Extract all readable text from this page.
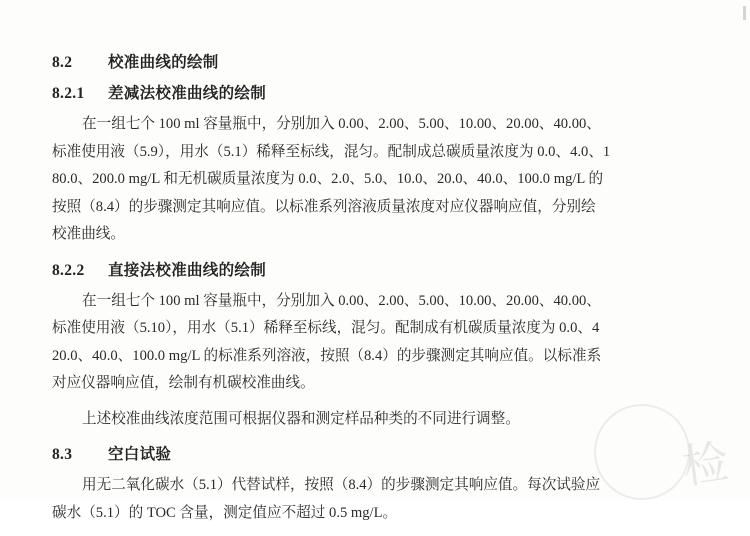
8.2 校准曲线的绘制
8.2.1 差减法校准曲线的绘制

在一组七个 100 ml 容量瓶中，分别加入 0.00、2.00、5.00、10.00、20.00、40.00、

标准使用液（5.9），用水（5.1）稀释至标线，混匀。配制成总碳质量浓度为 0.0、4.0、1

80.0、200.0 mg/L 和无机碳质量浓度为 0.0、2.0、5.0、10.0、20.0、40.0、100.0 mg/L 的

按照（8.4）的步骤测定其响应值。以标准系列溶液质量浓度对应仪器响应值，分别绘

校准曲线。

8.2.2 直接法校准曲线的绘制

在一组七个 100 ml 容量瓶中，分别加入 0.00、2.00、5.00、10.00、20.00、40.00、

标准使用液（5.10），用水（5.1）稀释至标线，混匀。配制成有机碳质量浓度为 0.0、4

20.0、40.0、100.0 mg/L 的标准系列溶液，按照（8.4）的步骤测定其响应值。以标准系

对应仪器响应值，绘制有机碳校准曲线。

上述校准曲线浓度范围可根据仪器和测定样品种类的不同进行调整。

8.3 空白试验

用无二氧化碳水（5.1）代替试样，按照（8.4）的步骤测定其响应值。每次试验应

碳水（5.1）的 TOC 含量，测定值应不超过 0.5 mg/L。

检
